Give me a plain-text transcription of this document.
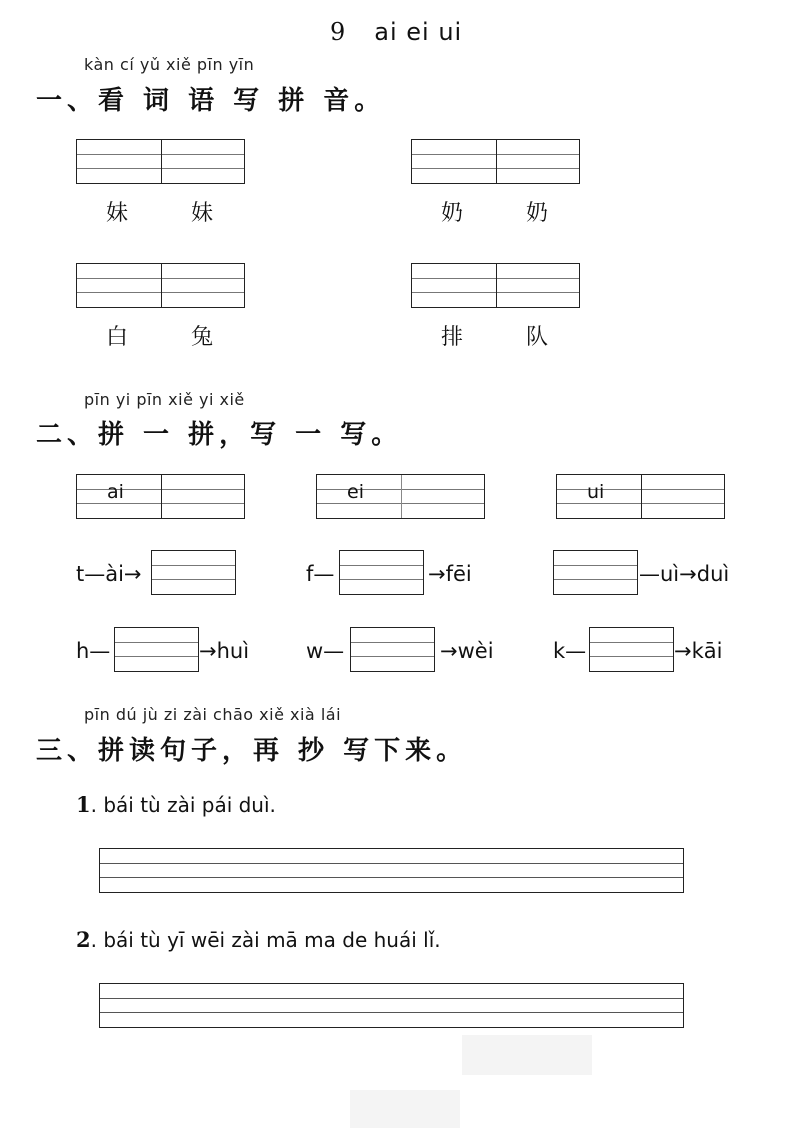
9 ai ei ui
kàn cí yǔ xiě pīn yīn
一、看 词 语 写 拼 音。
妹	妹	奶	奶
白	兔	排	队
pīn yi pīn xiě yi xiě
二、拼 一 拼，写 一 写。
ai	ei	ui
t—ài→	f—	→fēi	—uì→duì
h—	→huì	w—	→wèi	k—	→kāi
pīn dú jù zi zài chāo xiě xià lái
三、拼读句子，再 抄 写下来。
1. bái tù zài pái duì.
2. bái tù yī wēi zài mā ma de huái lǐ.
